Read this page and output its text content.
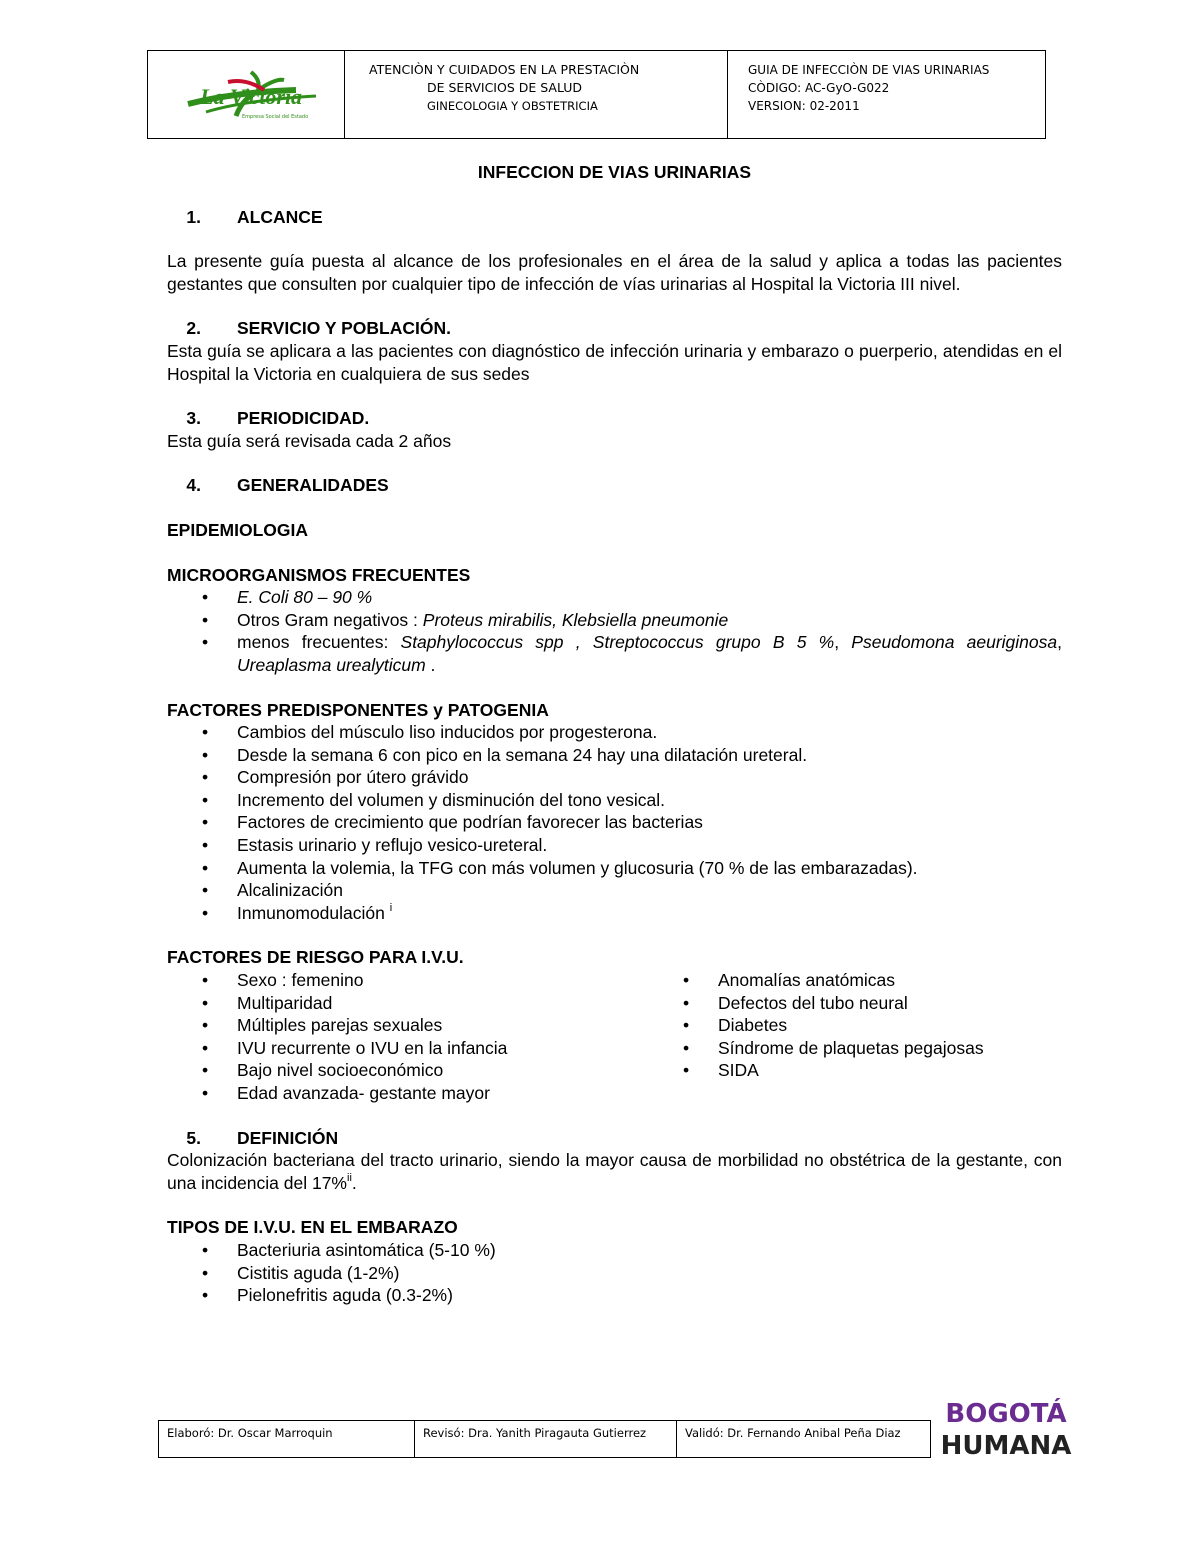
La Victoria
Empresa Social del Estado
ATENCIÒN Y CUIDADOS EN LA PRESTACIÒN
DE SERVICIOS DE SALUD
GINECOLOGIA Y OBSTETRICIA
GUIA DE INFECCIÒN DE VIAS URINARIAS
CÒDIGO: AC-GyO-G022
VERSION: 02-2011
INFECCION DE VIAS URINARIAS
1. ALCANCE

La presente guía puesta al alcance de los profesionales en el área de la salud y aplica a todas las pacientes gestantes que consulten por cualquier tipo de infección de vías urinarias al Hospital la Victoria III nivel.

2. SERVICIO Y POBLACIÓN.

Esta guía se aplicara a las pacientes con diagnóstico de infección urinaria y embarazo o puerperio, atendidas en el Hospital la Victoria en cualquiera de sus sedes

3. PERIODICIDAD.

Esta guía será revisada cada 2 años

4. GENERALIDADES
EPIDEMIOLOGIA
MICROORGANISMOS FRECUENTES
• E. Coli 80 – 90 %
• Otros Gram negativos : Proteus mirabilis, Klebsiella pneumonie
• menos frecuentes: Staphylococcus spp , Streptococcus grupo B 5 %, Pseudomona aeuriginosa, Ureaplasma urealyticum .
FACTORES PREDISPONENTES y PATOGENIA
• Cambios del músculo liso inducidos por progesterona.
• Desde la semana 6 con pico en la semana 24 hay una dilatación ureteral.
• Compresión por útero grávido
• Incremento del volumen y disminución del tono vesical.
• Factores de crecimiento que podrían favorecer las bacterias
• Estasis urinario y reflujo vesico-ureteral.
• Aumenta la volemia, la TFG con más volumen y glucosuria (70 % de las embarazadas).
• Alcalinización
• Inmunomodulación $^i$
FACTORES DE RIESGO PARA I.V.U.
• Sexo : femenino
• Multiparidad
• Múltiples parejas sexuales
• IVU recurrente o IVU en la infancia
• Bajo nivel socioeconómico
• Edad avanzada- gestante mayor
• Anomalías anatómicas
• Defectos del tubo neural
• Diabetes
• Síndrome de plaquetas pegajosas
• SIDA
5. DEFINICIÓN

Colonización bacteriana del tracto urinario, siendo la mayor causa de morbilidad no obstétrica de la gestante, con una incidencia del 17%$^{ii}$.

TIPOS DE I.V.U. EN EL EMBARAZO
• Bacteriuria asintomática (5-10 %)
• Cistitis aguda (1-2%)
• Pielonefritis aguda (0.3-2%)
Elaboró: Dr. Oscar Marroquin	Revisó: Dra. Yanith Piragauta Gutierrez	Validó: Dr. Fernando Anibal Peña Diaz
BOGOTÁ
HUMANA
